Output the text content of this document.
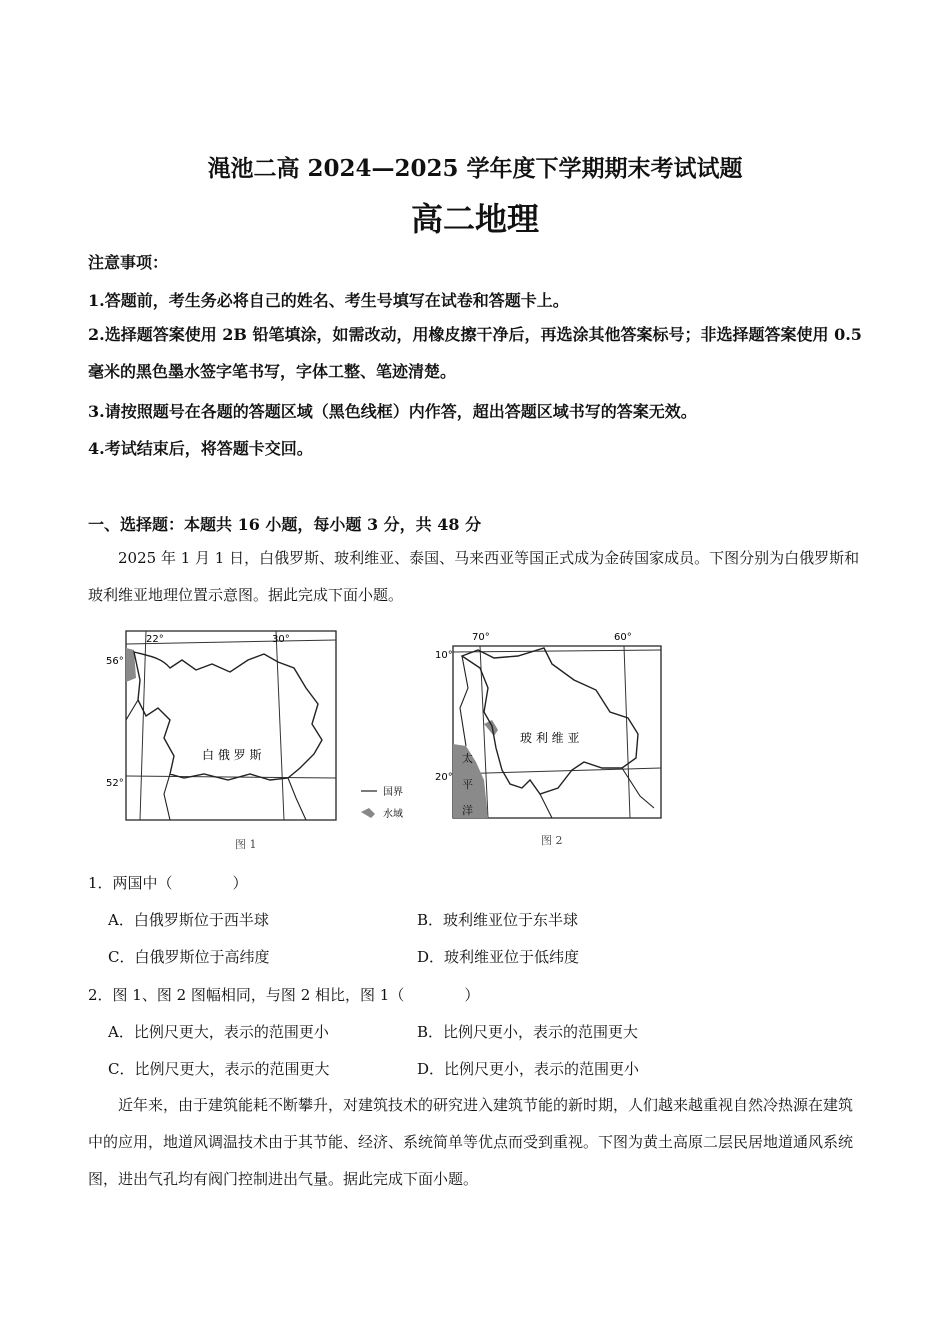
渑池二高 2024—2025 学年度下学期期末考试试题
高二地理
注意事项：
1.答题前，考生务必将自己的姓名、考生号填写在试卷和答题卡上。
2.选择题答案使用 2B 铅笔填涂，如需改动，用橡皮擦干净后，再选涂其他答案标号；非选择题答案使用 0.5 毫米的黑色墨水签字笔书写，字体工整、笔迹清楚。
3.请按照题号在各题的答题区域（黑色线框）内作答，超出答题区域书写的答案无效。
4.考试结束后，将答题卡交回。
一、选择题：本题共 16 小题，每小题 3 分，共 48 分
2025 年 1 月 1 日，白俄罗斯、玻利维亚、泰国、马来西亚等国正式成为金砖国家成员。下图分别为白俄罗斯和玻利维亚地理位置示意图。据此完成下面小题。
22°	30°
56°
52°
白 俄 罗 斯
国界
水域
图 1
70°	60°
10°
20°
玻 利 维 亚
太
平
洋
图 2
1．两国中（　　　　）
A．白俄罗斯位于西半球	B．玻利维亚位于东半球
C．白俄罗斯位于高纬度	D．玻利维亚位于低纬度
2．图 1、图 2 图幅相同，与图 2 相比，图 1（　　　　）
A．比例尺更大，表示的范围更小	B．比例尺更小，表示的范围更大
C．比例尺更大，表示的范围更大	D．比例尺更小，表示的范围更小
近年来，由于建筑能耗不断攀升，对建筑技术的研究进入建筑节能的新时期，人们越来越重视自然冷热源在建筑中的应用，地道风调温技术由于其节能、经济、系统简单等优点而受到重视。下图为黄土高原二层民居地道通风系统图，进出气孔均有阀门控制进出气量。据此完成下面小题。
